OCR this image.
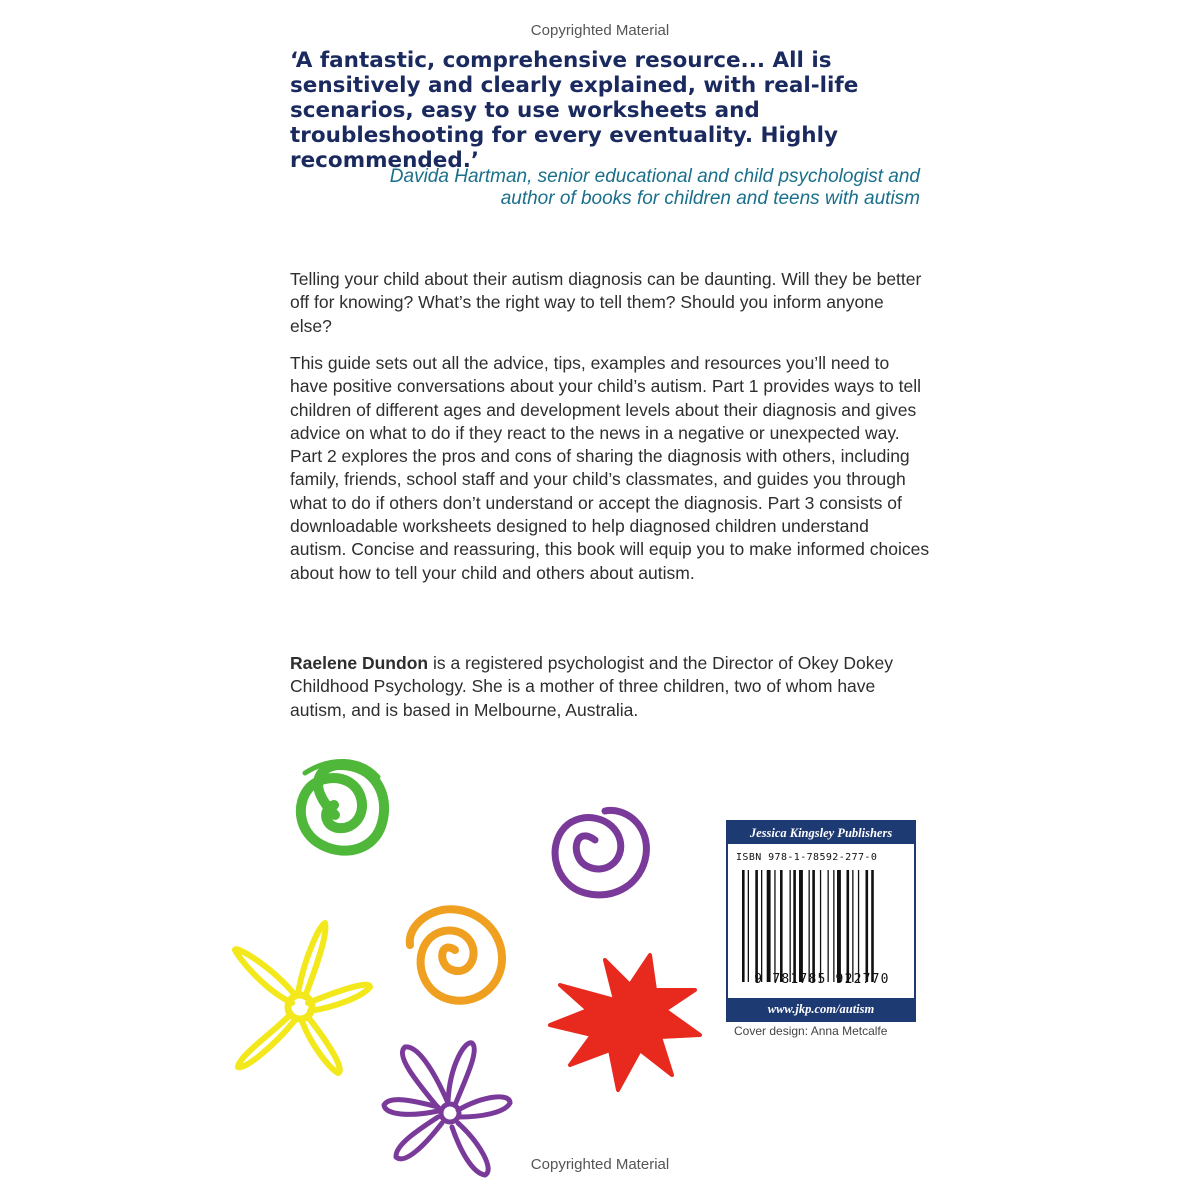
Copyrighted Material

‘A fantastic, comprehensive resource... All is sensitively and clearly explained, with real-life scenarios, easy to use worksheets and troubleshooting for every eventuality. Highly recommended.’

Davida Hartman, senior educational and child psychologist and
author of books for children and teens with autism

Telling your child about their autism diagnosis can be daunting. Will they be better off for knowing? What’s the right way to tell them? Should you inform anyone else?

This guide sets out all the advice, tips, examples and resources you’ll need to have positive conversations about your child’s autism. Part 1 provides ways to tell children of different ages and development levels about their diagnosis and gives advice on what to do if they react to the news in a negative or unexpected way. Part 2 explores the pros and cons of sharing the diagnosis with others, including family, friends, school staff and your child’s classmates, and guides you through what to do if others don’t understand or accept the diagnosis. Part 3 consists of downloadable worksheets designed to help diagnosed children understand autism. Concise and reassuring, this book will equip you to make informed choices about how to tell your child and others about autism.

Raelene Dundon is a registered psychologist and the Director of Okey Dokey Childhood Psychology. She is a mother of three children, two of whom have autism, and is based in Melbourne, Australia.

Jessica Kingsley Publishers
ISBN 978-1-78592-277-0
9 781785 922770
www.jkp.com/autism
Cover design: Anna Metcalfe
Copyrighted Material
